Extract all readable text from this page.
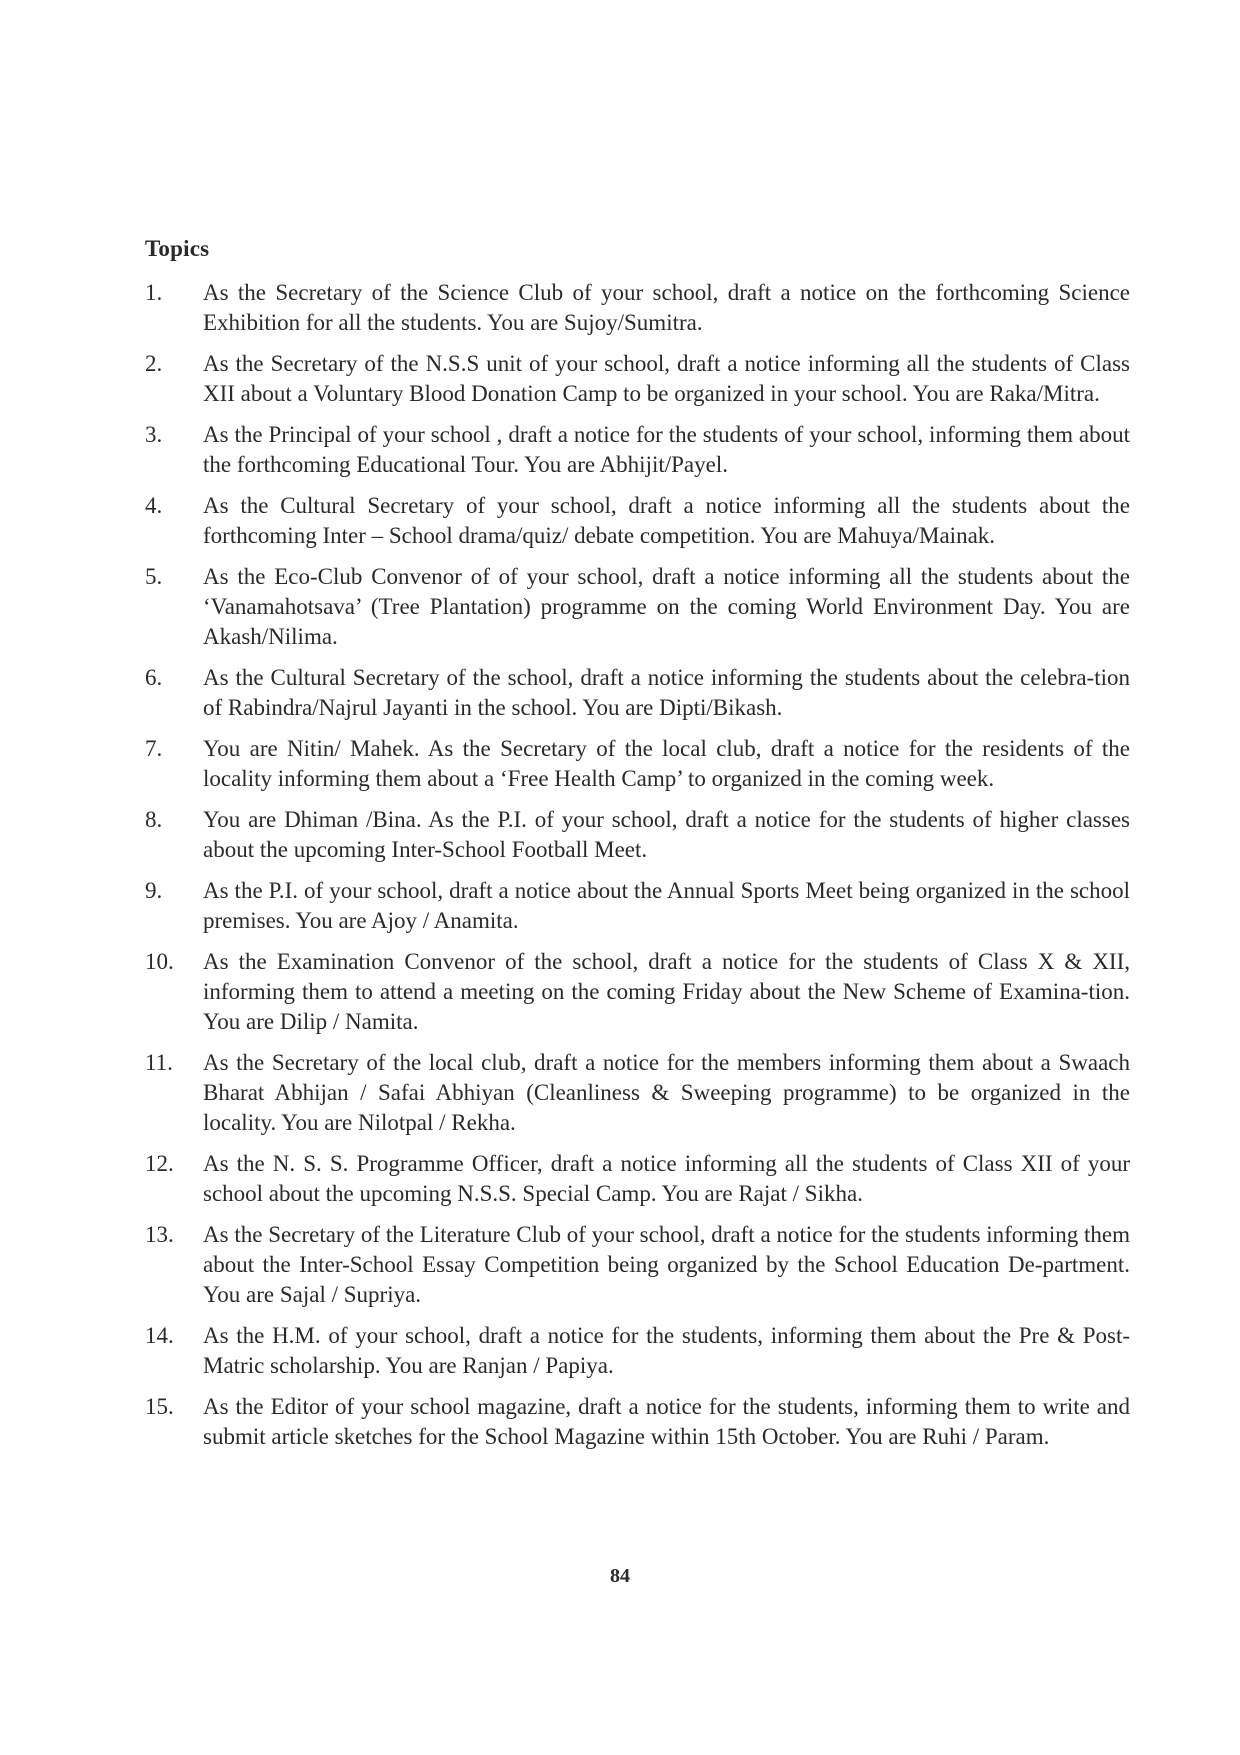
Topics
1.	As the Secretary of the Science Club of your school, draft a notice on the forthcoming Science Exhibition for all the students. You are Sujoy/Sumitra.
2.	As the Secretary of the N.S.S unit of your school, draft a notice informing all the students of Class XII about a Voluntary Blood Donation Camp to be organized in your school. You are Raka/Mitra.
3.	As the Principal of your school , draft a notice for the students of your school, informing them about the forthcoming Educational Tour. You are Abhijit/Payel.
4.	As the Cultural Secretary of your school, draft a notice informing all the students about the forthcoming Inter – School drama/quiz/ debate competition. You are Mahuya/Mainak.
5.	As the Eco-Club Convenor of of your school, draft a notice informing all the students about the ‘Vanamahotsava’ (Tree Plantation) programme on the coming World Environment Day. You are Akash/Nilima.
6.	As the Cultural Secretary of the school, draft a notice informing the students about the celebra-tion of Rabindra/Najrul Jayanti in the school. You are Dipti/Bikash.
7.	You are Nitin/ Mahek. As the Secretary of the local club, draft a notice for the residents of the locality informing them about a ‘Free Health Camp’ to organized in the coming week.
8.	You are Dhiman /Bina. As the P.I. of your school, draft a notice for the students of higher classes about the upcoming Inter-School Football Meet.
9.	As the P.I. of your school, draft a notice about the Annual Sports Meet being organized in the school premises. You are Ajoy / Anamita.
10.	As the Examination Convenor of the school, draft a notice for the students of Class X & XII, informing them to attend a meeting on the coming Friday about the New Scheme of Examina-tion. You are Dilip / Namita.
11.	As the Secretary of the local club, draft a notice for the members informing them about a Swaach Bharat Abhijan / Safai Abhiyan (Cleanliness & Sweeping programme) to be organized in the locality. You are Nilotpal / Rekha.
12.	As the N. S. S. Programme Officer, draft a notice informing all the students of Class XII of your school about the upcoming N.S.S. Special Camp. You are Rajat / Sikha.
13.	As the Secretary of the Literature Club of your school, draft a notice for the students informing them about the Inter-School Essay Competition being organized by the School Education De-partment. You are Sajal / Supriya.
14.	As the H.M. of your school, draft a notice for the students, informing them about the Pre & Post-Matric scholarship. You are Ranjan / Papiya.
15.	As the Editor of your school magazine, draft a notice for the students, informing them to write and submit article sketches for the School Magazine within 15th October. You are Ruhi / Param.
84
